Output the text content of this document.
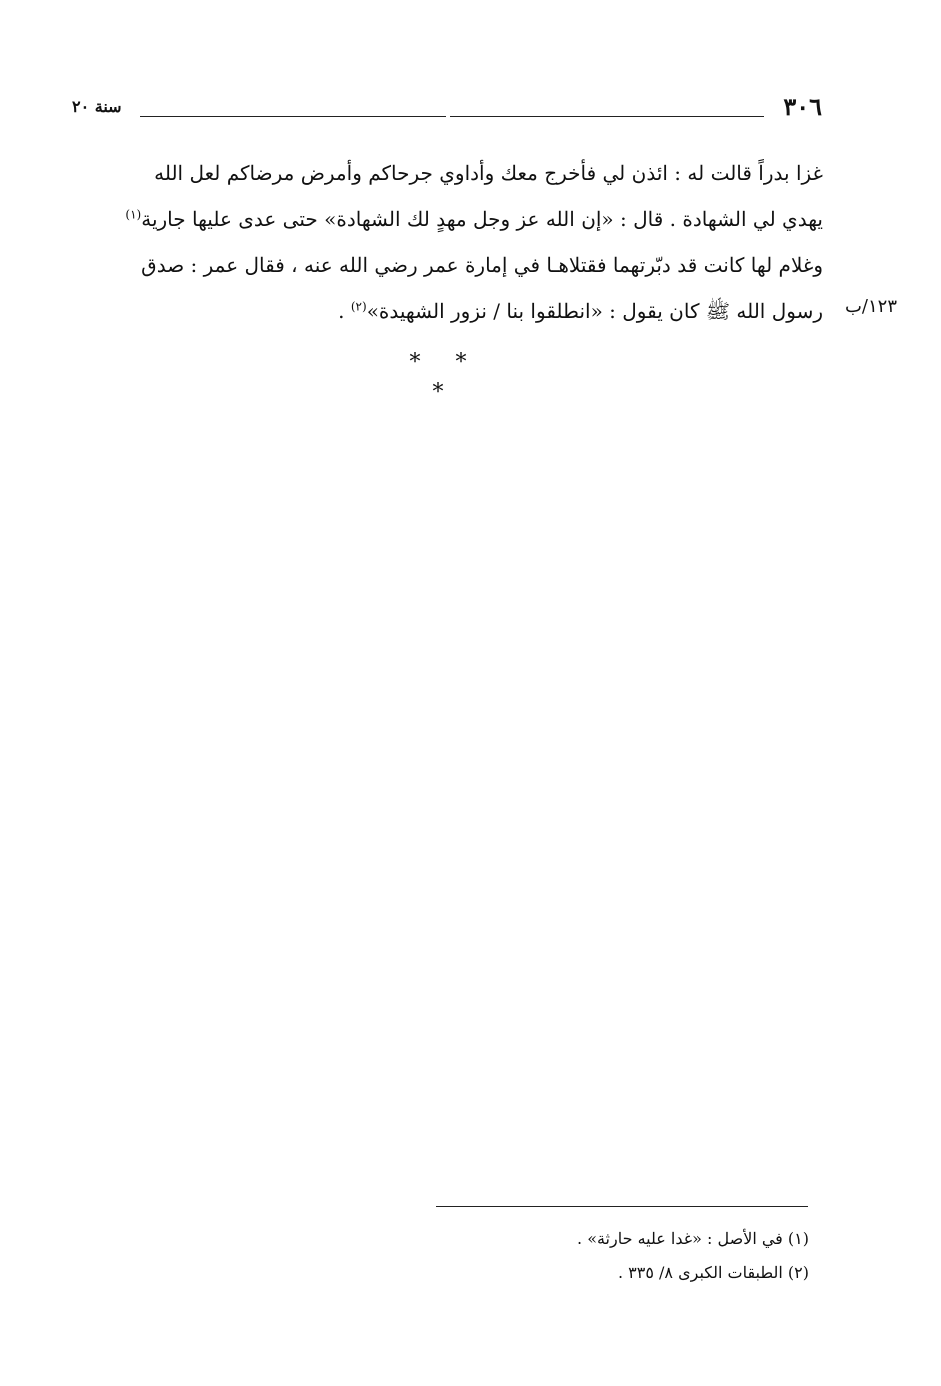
٣٠٦
سنة ٢٠
غزا بدراً قالت له : ائذن لي فأخرج معك وأداوي جرحاكم وأمرض مرضاكم لعل الله
يهدي لي الشهادة . قال : «إن الله عز وجل مهدٍ لك الشهادة» حتى عدى عليها جارية$^{(١)}$
وغلام لها كانت قد دبّرتهما فقتلاهـا في إمارة عمر رضي الله عنه ، فقال عمر : صدق
رسول الله ﷺ كان يقول : «انطلقوا بنا / نزور الشهيدة»$^{(٢)}$ .	١٢٣/ب
* * *
(١) في الأصل : «غدا عليه حارثة» .
(٢) الطبقات الكبرى ٨/ ٣٣٥ .
